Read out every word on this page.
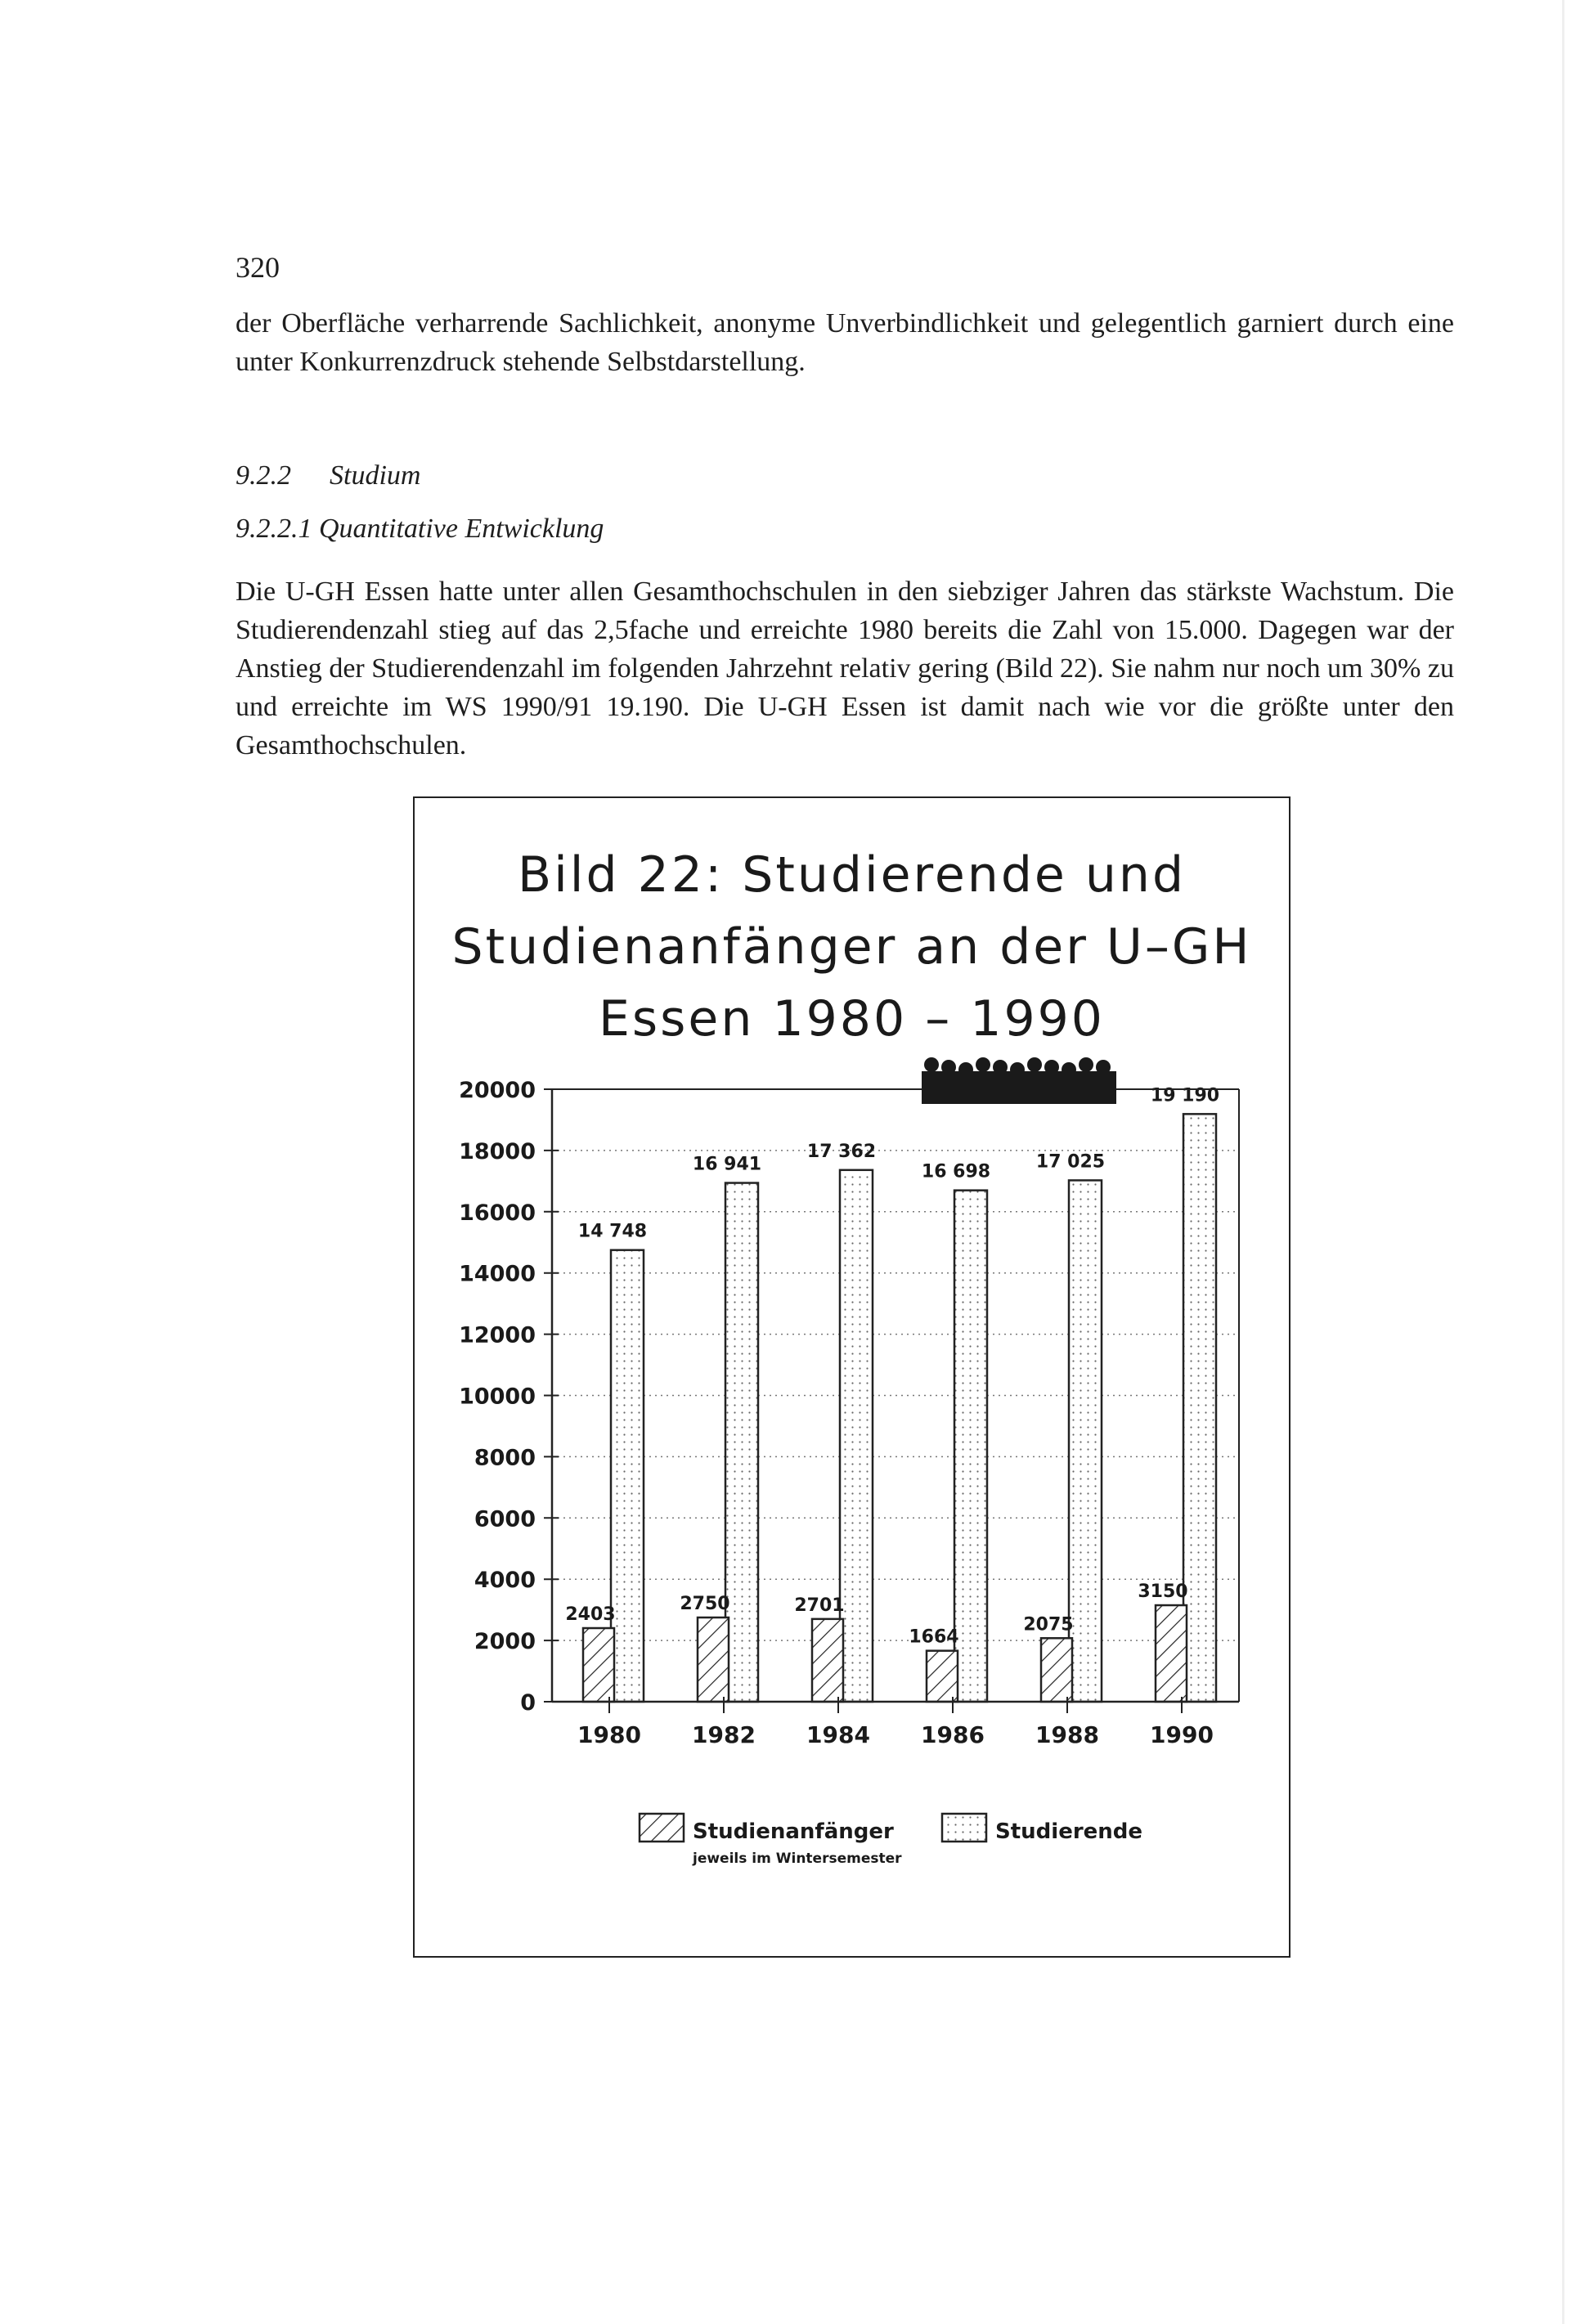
320

der Oberfläche verharrende Sachlichkeit, anonyme Unverbindlichkeit und gelegentlich garniert durch eine unter Konkurrenzdruck stehende Selbstdarstellung.

9.2.2 Studium
9.2.2.1 Quantitative Entwicklung

Die U-GH Essen hatte unter allen Gesamthochschulen in den siebziger Jahren das stärkste Wachstum. Die Studierendenzahl stieg auf das 2,5fache und erreichte 1980 bereits die Zahl von 15.000. Dagegen war der Anstieg der Studierendenzahl im folgenden Jahrzehnt relativ gering (Bild 22). Sie nahm nur noch um 30% zu und erreichte im WS 1990/91 19.190. Die U-GH Essen ist damit nach wie vor die größte unter den Gesamthochschulen.

Bild 22: Studierende und
Studienanfänger an der U–GH
Essen 1980 – 1990
14 748
2403
16 941
2750
17 362
2701
16 698
1664
17 025
2075
19 190
3150
0
2000
4000
6000
8000
10000
12000
14000
16000
18000
20000
1980 1982 1984 1986 1988 1990
Studienanfänger	Studierende
jeweils im Wintersemester
